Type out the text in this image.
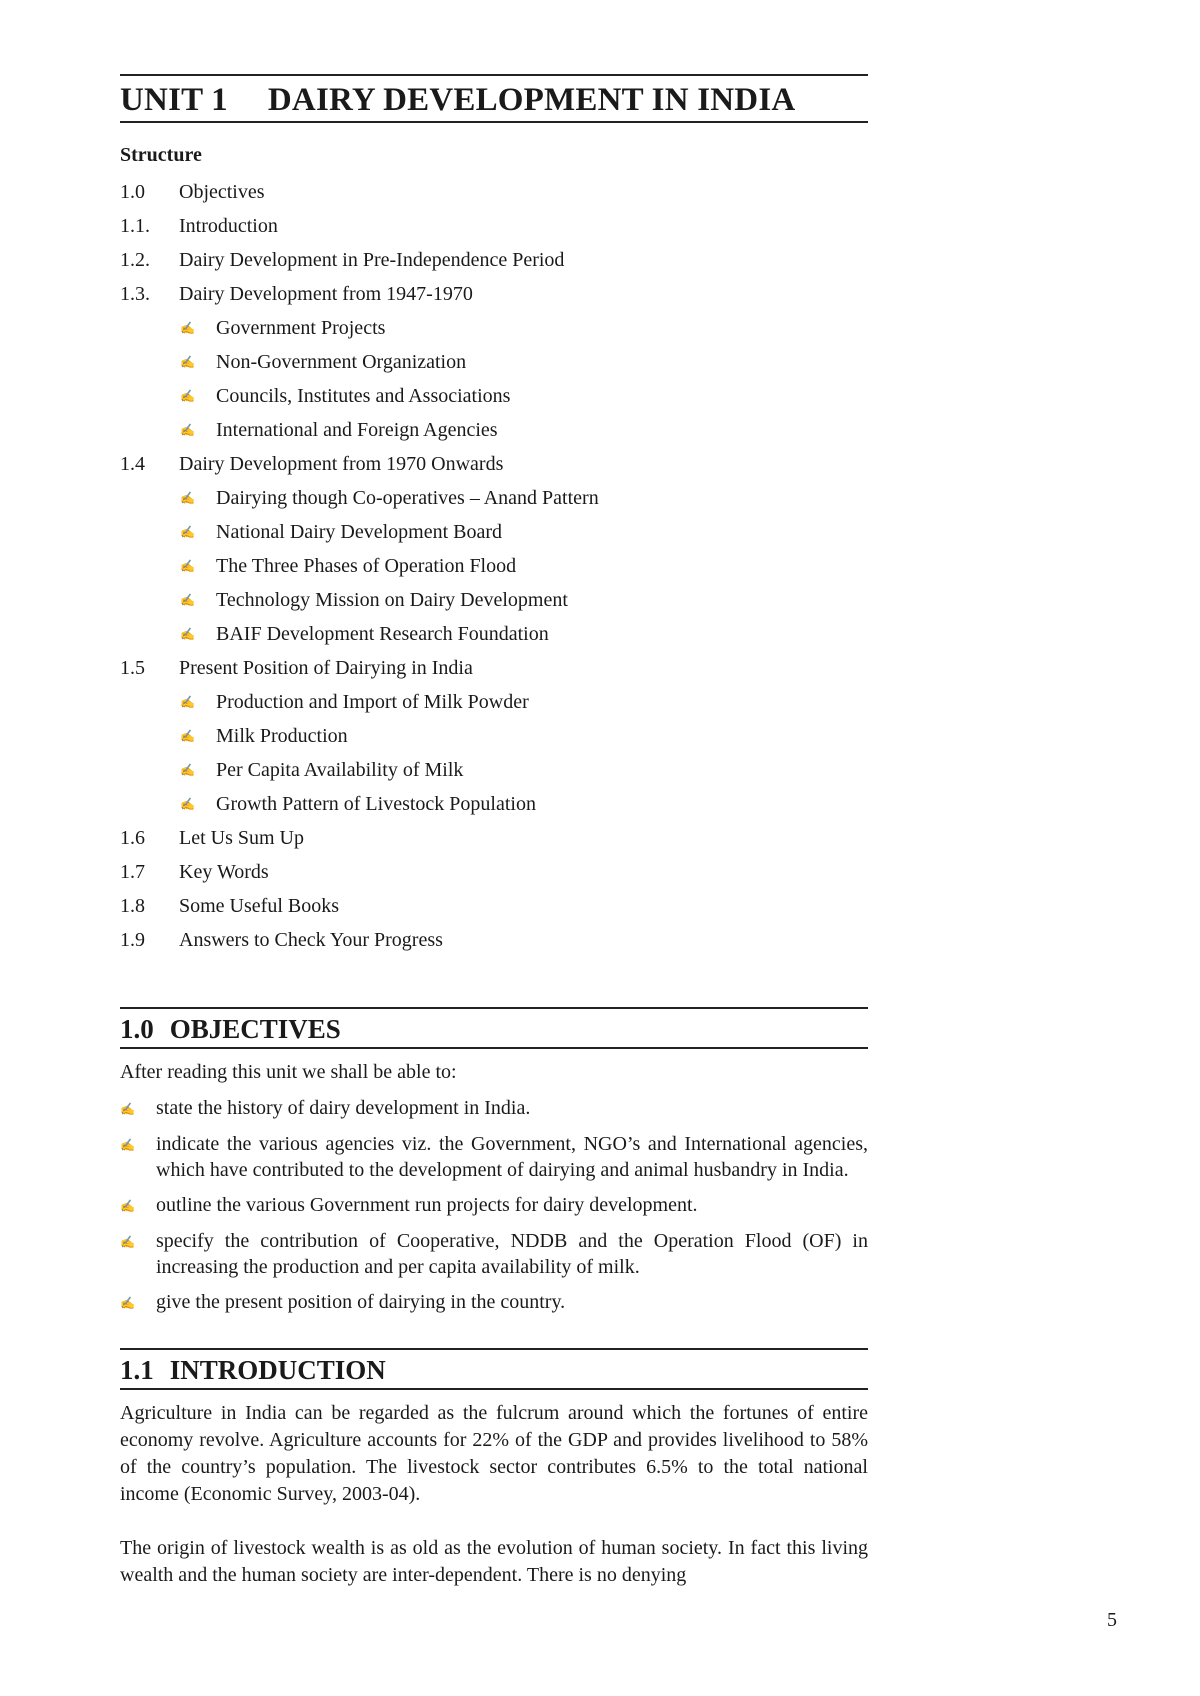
UNIT 1 DAIRY DEVELOPMENT IN INDIA
Structure
1.0	Objectives
1.1.	Introduction
1.2.	Dairy Development in Pre-Independence Period
1.3.	Dairy Development from 1947-1970
✍	Government Projects
✍	Non-Government Organization
✍	Councils, Institutes and Associations
✍	International and Foreign Agencies
1.4	Dairy Development from 1970 Onwards
✍	Dairying though Co-operatives – Anand Pattern
✍	National Dairy Development Board
✍	The Three Phases of Operation Flood
✍	Technology Mission on Dairy Development
✍	BAIF Development Research Foundation
1.5	Present Position of Dairying in India
✍	Production and Import of Milk Powder
✍	Milk Production
✍	Per Capita Availability of Milk
✍	Growth Pattern of Livestock Population
1.6	Let Us Sum Up
1.7	Key Words
1.8	Some Useful Books
1.9	Answers to Check Your Progress
1.0 OBJECTIVES

After reading this unit we shall be able to:

✍	state the history of dairy development in India.
✍	indicate the various agencies viz. the Government, NGO’s and International agencies, which have contributed to the development of dairying and animal husbandry in India.
✍	outline the various Government run projects for dairy development.
✍	specify the contribution of Cooperative, NDDB and the Operation Flood (OF) in increasing the production and per capita availability of milk.
✍	give the present position of dairying in the country.
1.1 INTRODUCTION

Agriculture in India can be regarded as the fulcrum around which the fortunes of entire economy revolve. Agriculture accounts for 22% of the GDP and provides livelihood to 58% of the country’s population. The livestock sector contributes 6.5% to the total national income (Economic Survey, 2003-04).

The origin of livestock wealth is as old as the evolution of human society. In fact this living wealth and the human society are inter-dependent. There is no denying

5
